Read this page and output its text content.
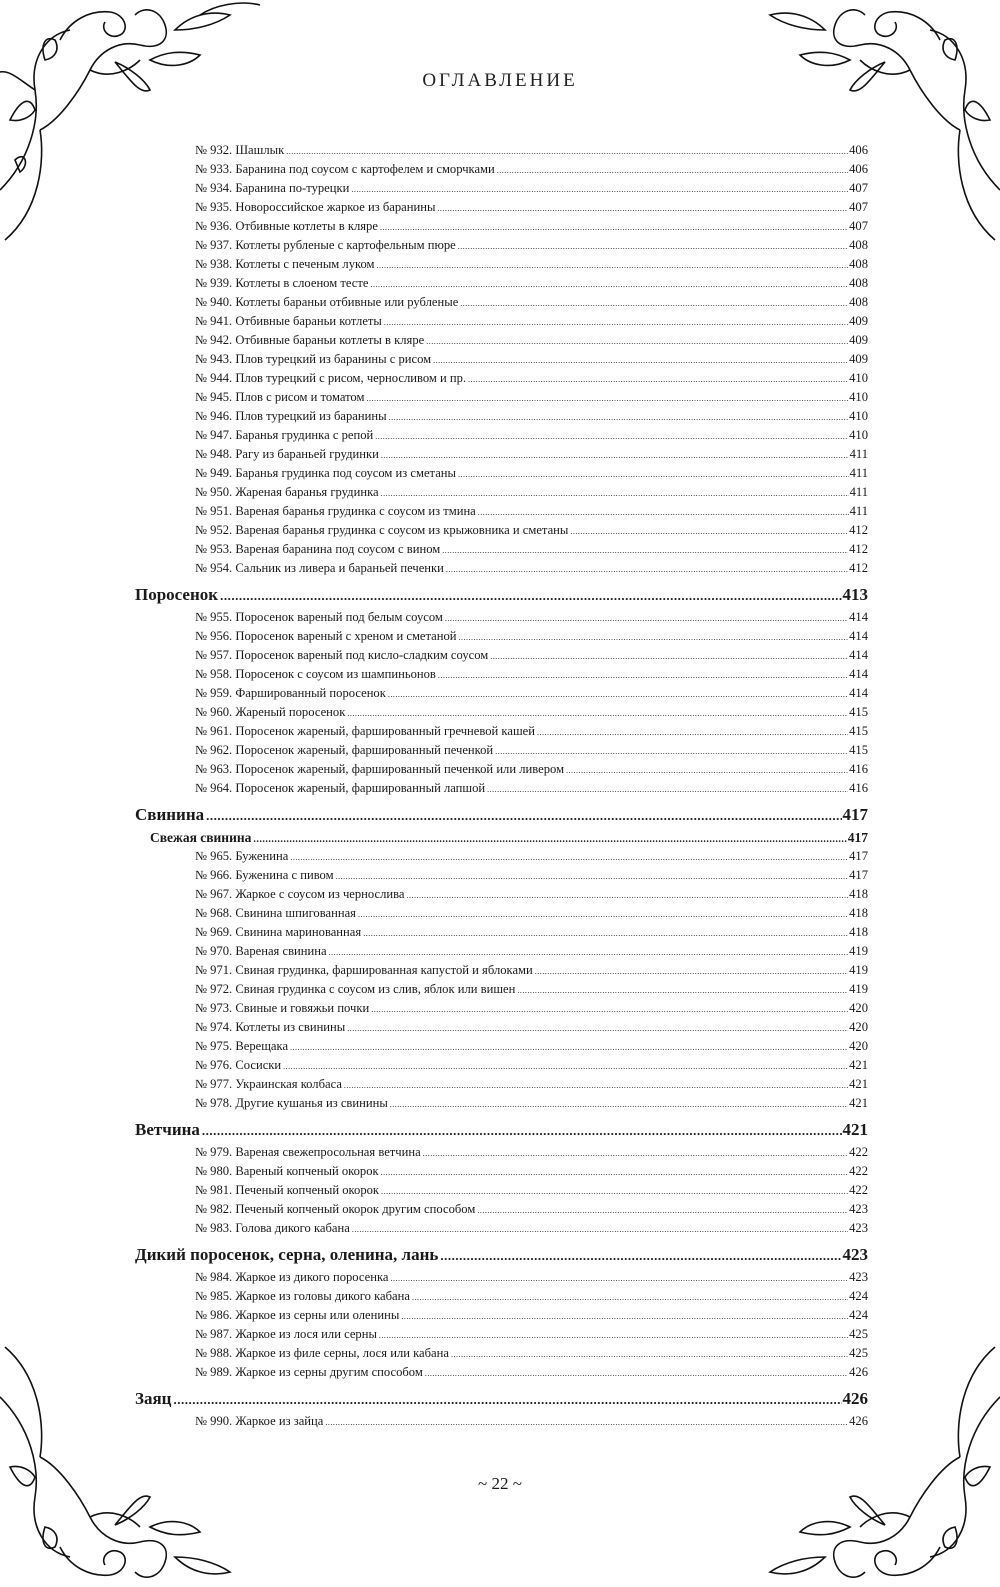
ОГЛАВЛЕНИЕ
№ 932. Шашлык .....	406
№ 933. Баранина под соусом с картофелем и сморчками .....	406
№ 934. Баранина по-турецки .....	407
№ 935. Новороссийское жаркое из баранины .....	407
№ 936. Отбивные котлеты в кляре .....	407
№ 937. Котлеты рубленые с картофельным пюре .....	408
№ 938. Котлеты с печеным луком .....	408
№ 939. Котлеты в слоеном тесте .....	408
№ 940. Котлеты бараньи отбивные или рубленые .....	408
№ 941. Отбивные бараньи котлеты .....	409
№ 942. Отбивные бараньи котлеты в кляре .....	409
№ 943. Плов турецкий из баранины с рисом .....	409
№ 944. Плов турецкий с рисом, черносливом и пр. .....	410
№ 945. Плов с рисом и томатом .....	410
№ 946. Плов турецкий из баранины .....	410
№ 947. Баранья грудинка с репой .....	410
№ 948. Рагу из бараньей грудинки .....	411
№ 949. Баранья грудинка под соусом из сметаны .....	411
№ 950. Жареная баранья грудинка .....	411
№ 951. Вареная баранья грудинка с соусом из тмина .....	411
№ 952. Вареная баранья грудинка с соусом из крыжовника и сметаны .....	412
№ 953. Вареная баранина под соусом с вином .....	412
№ 954. Сальник из ливера и бараньей печенки .....	412
Поросенок .....	413
№ 955. Поросенок вареный под белым соусом .....	414
№ 956. Поросенок вареный с хреном и сметаной .....	414
№ 957. Поросенок вареный под кисло-сладким соусом .....	414
№ 958. Поросенок с соусом из шампиньонов .....	414
№ 959. Фаршированный поросенок .....	414
№ 960. Жареный поросенок .....	415
№ 961. Поросенок жареный, фаршированный гречневой кашей .....	415
№ 962. Поросенок жареный, фаршированный печенкой .....	415
№ 963. Поросенок жареный, фаршированный печенкой или ливером .....	416
№ 964. Поросенок жареный, фаршированный лапшой .....	416
Свинина .....	417
Свежая свинина .....	417
№ 965. Буженина .....	417
№ 966. Буженина с пивом .....	417
№ 967. Жаркое с соусом из чернослива .....	418
№ 968. Свинина шпигованная .....	418
№ 969. Свинина маринованная .....	418
№ 970. Вареная свинина .....	419
№ 971. Свиная грудинка, фаршированная капустой и яблоками .....	419
№ 972. Свиная грудинка с соусом из слив, яблок или вишен .....	419
№ 973. Свиные и говяжьи почки .....	420
№ 974. Котлеты из свинины .....	420
№ 975. Верещака .....	420
№ 976. Сосиски .....	421
№ 977. Украинская колбаса .....	421
№ 978. Другие кушанья из свинины .....	421
Ветчина .....	421
№ 979. Вареная свежепросольная ветчина .....	422
№ 980. Вареный копченый окорок .....	422
№ 981. Печеный копченый окорок .....	422
№ 982. Печеный копченый окорок другим способом .....	423
№ 983. Голова дикого кабана .....	423
Дикий поросенок, серна, оленина, лань .....	423
№ 984. Жаркое из дикого поросенка .....	423
№ 985. Жаркое из головы дикого кабана .....	424
№ 986. Жаркое из серны или оленины .....	424
№ 987. Жаркое из лося или серны .....	425
№ 988. Жаркое из филе серны, лося или кабана .....	425
№ 989. Жаркое из серны другим способом .....	426
Заяц .....	426
№ 990. Жаркое из зайца .....	426
~ 22 ~
